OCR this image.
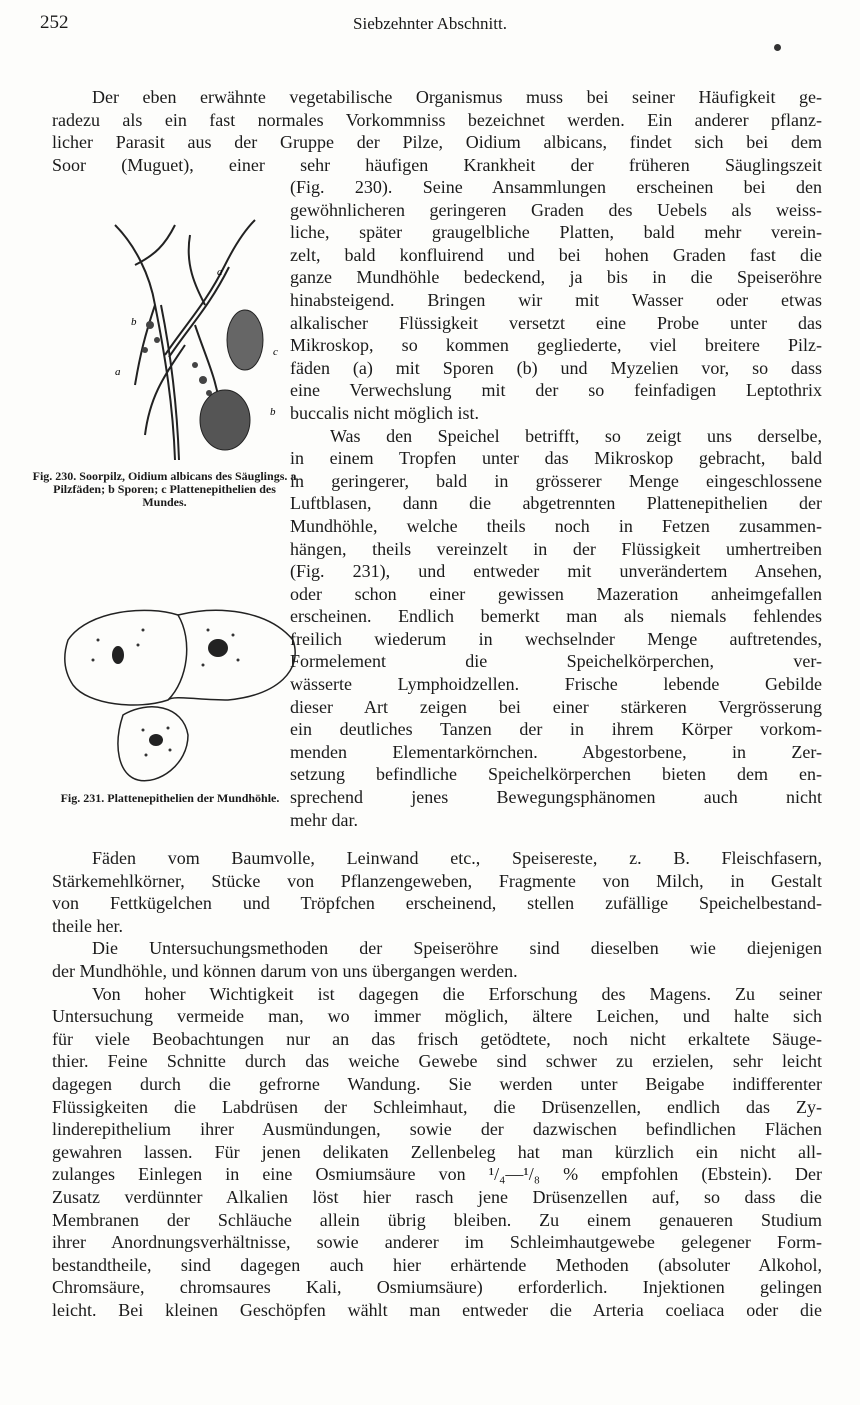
252	Siebzehnter Abschnitt.
Der eben erwähnte vegetabilische Organismus muss bei seiner Häufigkeit ge-
radezu als ein fast normales Vorkommniss bezeichnet werden. Ein anderer pflanz-
licher Parasit aus der Gruppe der Pilze, Oidium albicans, findet sich bei dem
Soor (Muguet), einer sehr häufigen Krankheit der früheren Säuglingszeit
(Fig. 230). Seine Ansammlungen erscheinen bei den
gewöhnlicheren geringeren Graden des Uebels als weiss-
liche, später graugelbliche Platten, bald mehr verein-
zelt, bald konfluirend und bei hohen Graden fast die
ganze Mundhöhle bedeckend, ja bis in die Speiseröhre
hinabsteigend. Bringen wir mit Wasser oder etwas
alkalischer Flüssigkeit versetzt eine Probe unter das
Mikroskop, so kommen gegliederte, viel breitere Pilz-
fäden (a) mit Sporen (b) und Myzelien vor, so dass
eine Verwechslung mit der so feinfadigen Leptothrix
buccalis nicht möglich ist.
Was den Speichel betrifft, so zeigt uns derselbe,
in einem Tropfen unter das Mikroskop gebracht, bald
in geringerer, bald in grösserer Menge eingeschlossene
Luftblasen, dann die abgetrennten Plattenepithelien der
Mundhöhle, welche theils noch in Fetzen zusammen-
hängen, theils vereinzelt in der Flüssigkeit umhertreiben
(Fig. 231), und entweder mit unverändertem Ansehen,
oder schon einer gewissen Mazeration anheimgefallen
erscheinen. Endlich bemerkt man als niemals fehlendes
freilich wiederum in wechselnder Menge auftretendes,
Formelement die Speichelkörperchen, ver-
wässerte Lymphoidzellen. Frische lebende Gebilde
dieser Art zeigen bei einer stärkeren Vergrösserung
ein deutliches Tanzen der in ihrem Körper vorkom-
menden Elementarkörnchen. Abgestorbene, in Zer-
setzung befindliche Speichelkörperchen bieten dem en-
sprechend jenes Bewegungsphänomen auch nicht
mehr dar.
Fäden vom Baumvolle, Leinwand etc., Speisereste, z. B. Fleischfasern,
Stärkemehlkörner, Stücke von Pflanzengeweben, Fragmente von Milch, in Gestalt
von Fettkügelchen und Tröpfchen erscheinend, stellen zufällige Speichelbestand-
theile her.
Die Untersuchungsmethoden der Speiseröhre sind dieselben wie diejenigen
der Mundhöhle, und können darum von uns übergangen werden.
Von hoher Wichtigkeit ist dagegen die Erforschung des Magens. Zu seiner
Untersuchung vermeide man, wo immer möglich, ältere Leichen, und halte sich
für viele Beobachtungen nur an das frisch getödtete, noch nicht erkaltete Säuge-
thier. Feine Schnitte durch das weiche Gewebe sind schwer zu erzielen, sehr leicht
dagegen durch die gefrorne Wandung. Sie werden unter Beigabe indifferenter
Flüssigkeiten die Labdrüsen der Schleimhaut, die Drüsenzellen, endlich das Zy-
linderepithelium ihrer Ausmündungen, sowie der dazwischen befindlichen Flächen
gewahren lassen. Für jenen delikaten Zellenbeleg hat man kürzlich ein nicht all-
zulanges Einlegen in eine Osmiumsäure von ¹/₄—¹/₈ % empfohlen (Ebstein). Der
Zusatz verdünnter Alkalien löst hier rasch jene Drüsenzellen auf, so dass die
Membranen der Schläuche allein übrig bleiben. Zu einem genaueren Studium
ihrer Anordnungsverhältnisse, sowie anderer im Schleimhautgewebe gelegener Form-
bestandtheile, sind dagegen auch hier erhärtende Methoden (absoluter Alkohol,
Chromsäure, chromsaures Kali, Osmiumsäure) erforderlich. Injektionen gelingen
leicht. Bei kleinen Geschöpfen wählt man entweder die Arteria coeliaca oder die
a
a
b
b
c
Fig. 230. Soorpilz, Oidium albicans des Säuglings. a Pilzfäden; b Sporen; c Plattenepithelien des Mundes.
Fig. 231. Plattenepithelien der Mundhöhle.
